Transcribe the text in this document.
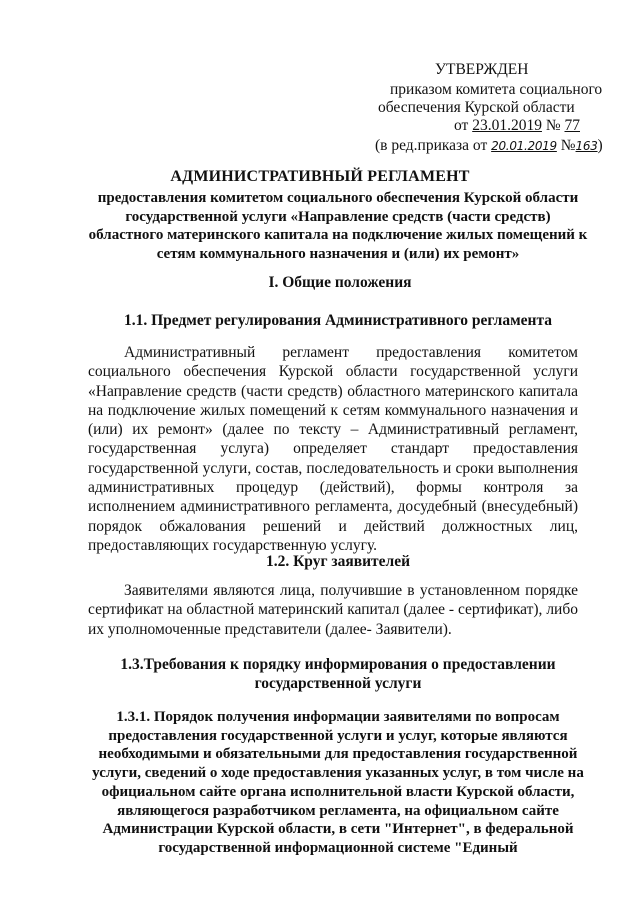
УТВЕРЖДЕН
приказом комитета социального
обеспечения Курской области
от 23.01.2019 № 77
(в ред.приказа от 20.01.2019 №163)
АДМИНИСТРАТИВНЫЙ РЕГЛАМЕНТ
предоставления комитетом социального обеспечения Курской области государственной услуги «Направление средств (части средств) областного материнского капитала на подключение жилых помещений к сетям коммунального назначения и (или) их ремонт»
I. Общие положения
1.1. Предмет регулирования Административного регламента
Административный регламент предоставления комитетом социального обеспечения Курской области государственной услуги «Направление средств (части средств) областного материнского капитала на подключение жилых помещений к сетям коммунального назначения и (или) их ремонт» (далее по тексту – Административный регламент, государственная услуга) определяет стандарт предоставления государственной услуги, состав, последовательность и сроки выполнения административных процедур (действий), формы контроля за исполнением административного регламента, досудебный (внесудебный) порядок обжалования решений и действий должностных лиц, предоставляющих государственную услугу.
1.2. Круг заявителей
Заявителями являются лица, получившие в установленном порядке сертификат на областной материнский капитал (далее - сертификат), либо их уполномоченные представители (далее- Заявители).
1.3.Требования к порядку информирования о предоставлении государственной услуги
1.3.1. Порядок получения информации заявителями по вопросам предоставления государственной услуги и услуг, которые являются необходимыми и обязательными для предоставления государственной услуги, сведений о ходе предоставления указанных услуг, в том числе на официальном сайте органа исполнительной власти Курской области, являющегося разработчиком регламента, на официальном сайте Администрации Курской области, в сети "Интернет", в федеральной государственной информационной системе "Единый
